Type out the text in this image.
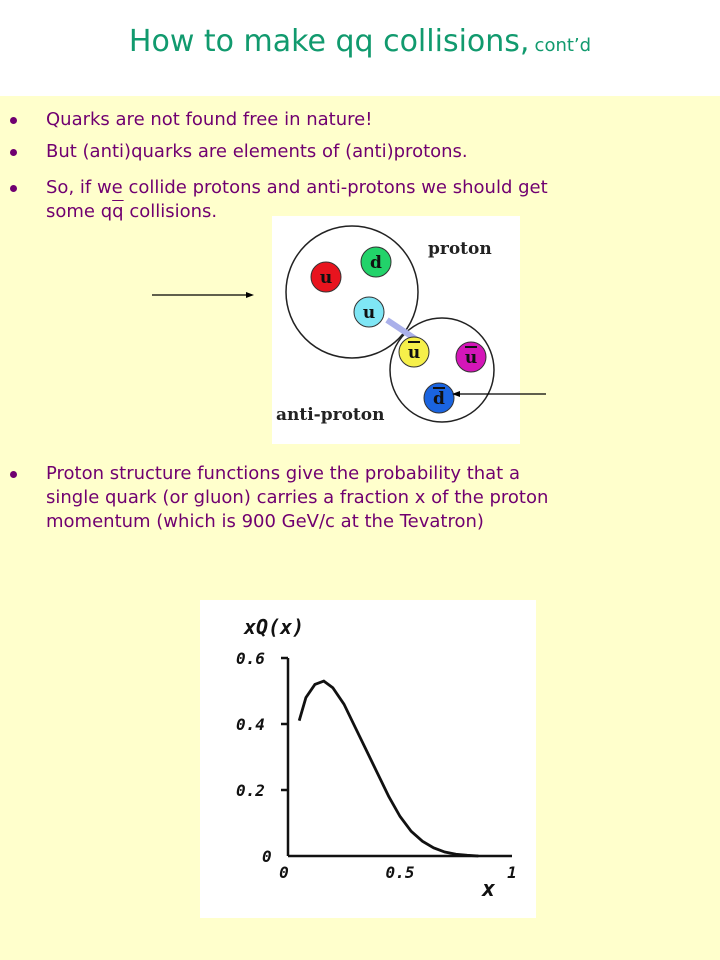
How to make qq collisions, cont’d
Quarks are not found free in nature!
But (anti)quarks are elements of (anti)protons.
So, if we collide protons and anti-protons we should get
some $q\overline{q}$ collisions.
proton
anti-proton
u
d
u
u	u
d
Proton structure functions give the probability that a
single quark (or gluon) carries a fraction x of the proton
momentum (which is 900 GeV/c at the Tevatron)
0.6
0.4
0.2
0
0	0.5	1
xQ(x)
x
